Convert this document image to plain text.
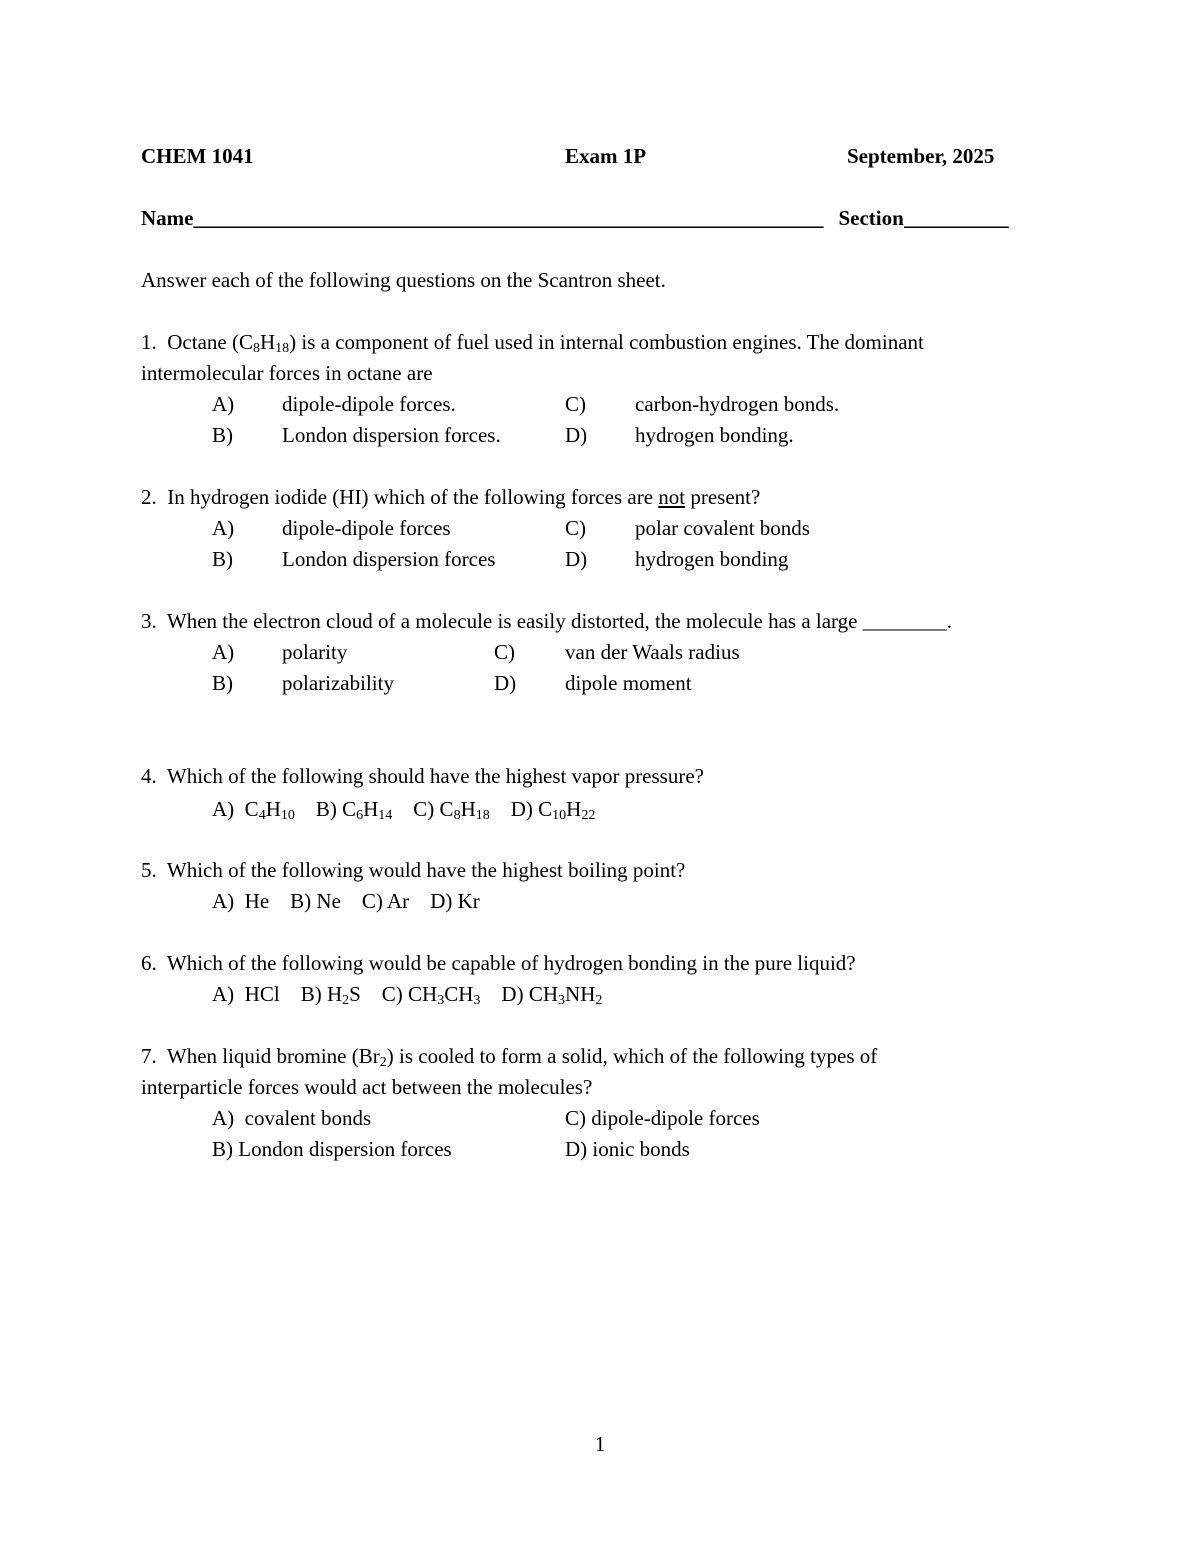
CHEM 1041	Exam 1P	September, 2025
Name____________________________________________________________ Section__________
Answer each of the following questions on the Scantron sheet.
1. Octane $(C_8H_{18})$ is a component of fuel used in internal combustion engines. The dominant
intermolecular forces in octane are
A) dipole-dipole forces.
B) London dispersion forces.
C) carbon-hydrogen bonds.
D) hydrogen bonding.
2. In hydrogen iodide (HI) which of the following forces are not present?
A) dipole-dipole forces
B) London dispersion forces
C) polar covalent bonds
D) hydrogen bonding
3. When the electron cloud of a molecule is easily distorted, the molecule has a large ________.
A) polarity
B) polarizability
C) van der Waals radius
D) dipole moment
4. Which of the following should have the highest vapor pressure?
A) $C_4H_{10}$ B) $C_6H_{14}$ C) $C_8H_{18}$ D) $C_{10}H_{22}$
5. Which of the following would have the highest boiling point?
A) He B) Ne C) Ar D) Kr
6. Which of the following would be capable of hydrogen bonding in the pure liquid?
A) HCl B) $H_2S$ C) $CH_3CH_3$ D) $CH_3NH_2$
7. When liquid bromine $(Br_2)$ is cooled to form a solid, which of the following types of
interparticle forces would act between the molecules?
A) covalent bonds
B) London dispersion forces
C) dipole-dipole forces
D) ionic bonds
1
